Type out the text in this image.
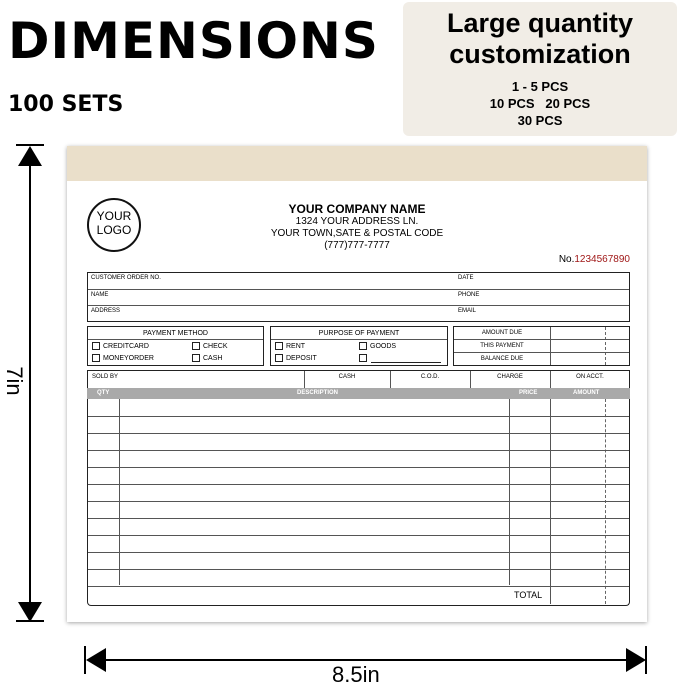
DIMENSIONS
100 SETS
Large quantity
customization
1 - 5 PCS
10 PCS   20 PCS
30 PCS
7in
8.5in
YOUR
LOGO
YOUR COMPANY NAME
1324 YOUR ADDRESS LN.
YOUR TOWN,SATE & POSTAL CODE
(777)777-7777
No.1234567890
CUSTOMER ORDER NO.	DATE
NAME	PHONE
ADDRESS	EMAIL
PAYMENT METHOD
CREDITCARD	CHECK
MONEYORDER	CASH
PURPOSE OF PAYMENT
RENT	GOODS
DEPOSIT
AMOUNT DUE
THIS PAYMENT
BALANCE DUE
SOLD BY	CASH	C.O.D.	CHARGE	ON ACCT.
QTY	DESCRIPTION	PRICE	AMOUNT
TOTAL
